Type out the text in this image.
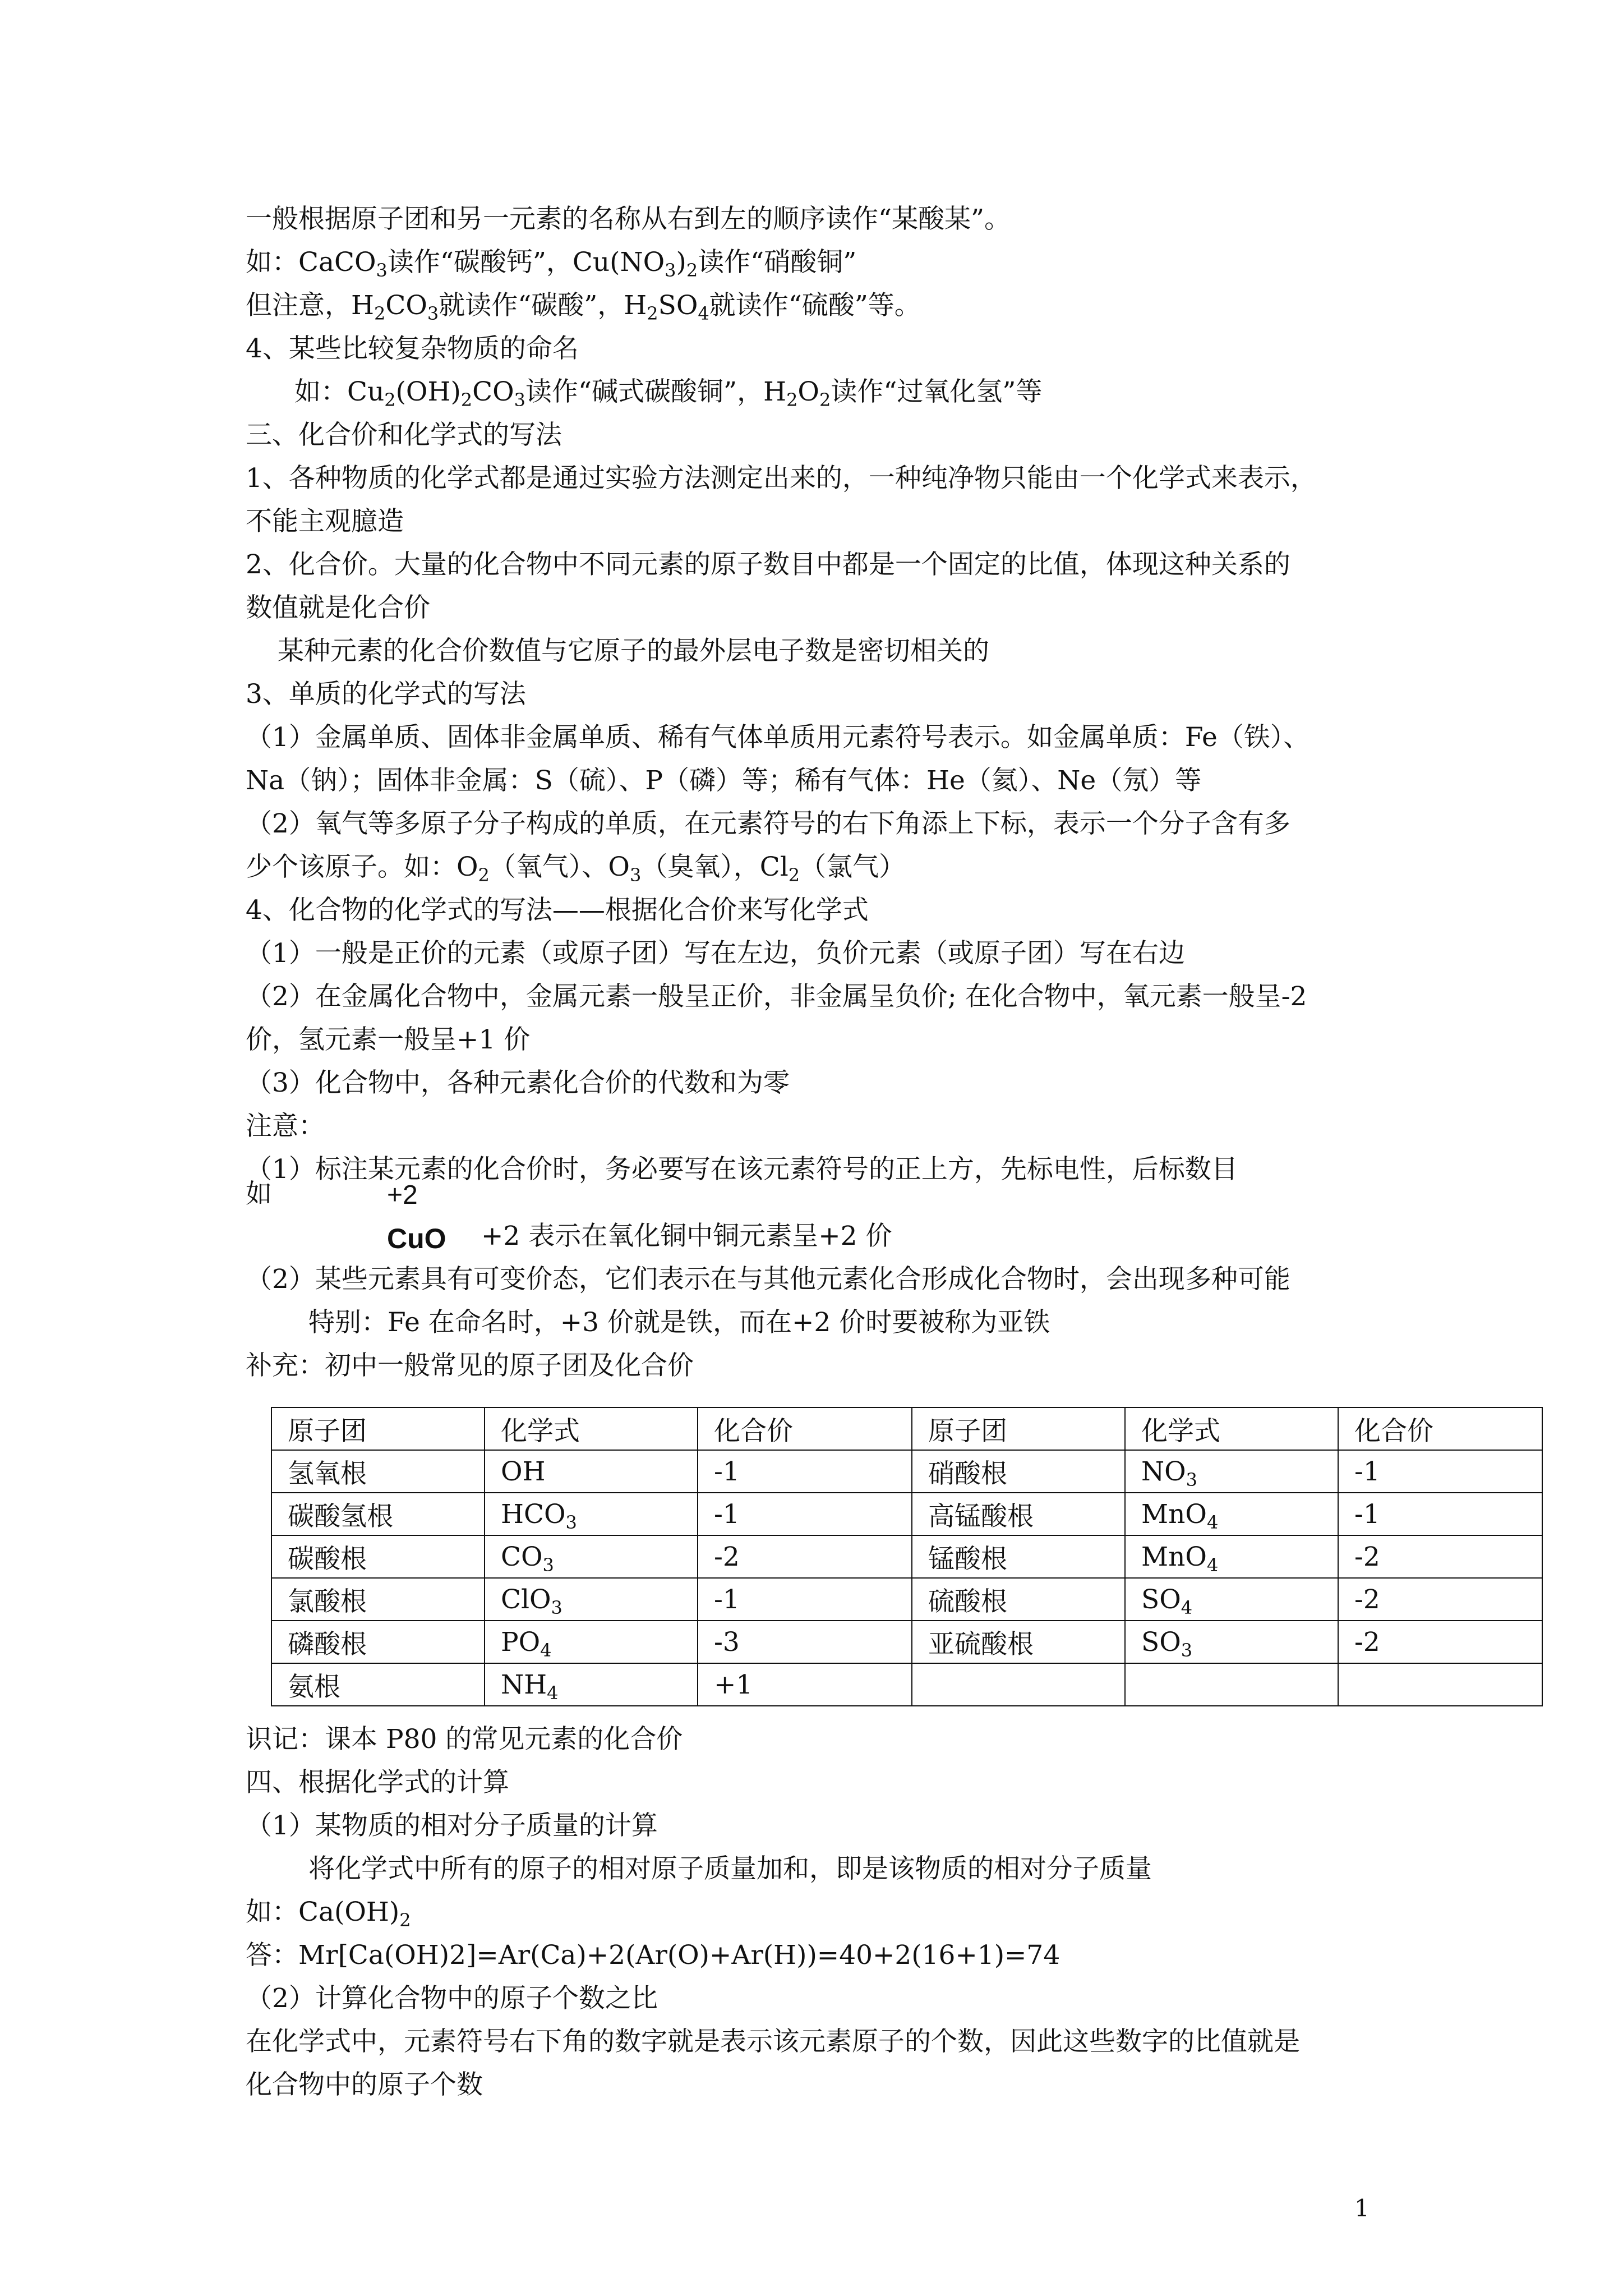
一般根据原子团和另一元素的名称从右到左的顺序读作“某酸某”。
如：CaCO$_3$读作“碳酸钙”，$Cu(NO_3)_2$读作“硝酸铜”
但注意，$H_2CO_3$就读作“碳酸”，$H_2SO_4$就读作“硫酸”等。
4、某些比较复杂物质的命名
如：$Cu_2(OH)_2CO_3$读作“碱式碳酸铜”，$H_2O_2$读作“过氧化氢”等
三、化合价和化学式的写法
1、各种物质的化学式都是通过实验方法测定出来的，一种纯净物只能由一个化学式来表示，
不能主观臆造
2、化合价。大量的化合物中不同元素的原子数目中都是一个固定的比值，体现这种关系的
数值就是化合价
某种元素的化合价数值与它原子的最外层电子数是密切相关的
3、单质的化学式的写法
（1）金属单质、固体非金属单质、稀有气体单质用元素符号表示。如金属单质：Fe（铁）、
Na（钠）；固体非金属：S（硫）、P（磷）等；稀有气体：He（氦）、Ne（氖）等
（2）氧气等多原子分子构成的单质，在元素符号的右下角添上下标，表示一个分子含有多
少个该原子。如：$O_2$（氧气）、$O_3$（臭氧），$Cl_2$（氯气）
4、化合物的化学式的写法——根据化合价来写化学式
（1）一般是正价的元素（或原子团）写在左边，负价元素（或原子团）写在右边
（2）在金属化合物中，金属元素一般呈正价，非金属呈负价; 在化合物中，氧元素一般呈-2
价，氢元素一般呈+1 价
（3）化合物中，各种元素化合价的代数和为零
注意：
（1）标注某元素的化合价时，务必要写在该元素符号的正上方，先标电性，后标数目
如	+2
CuO +2 表示在氧化铜中铜元素呈+2 价
（2）某些元素具有可变价态，它们表示在与其他元素化合形成化合物时，会出现多种可能
特别：Fe 在命名时，+3 价就是铁，而在+2 价时要被称为亚铁
补充：初中一般常见的原子团及化合价
原子团	化学式	化合价	原子团	化学式	化合价
氢氧根	OH	-1	硝酸根	$NO_3$	-1
碳酸氢根	$HCO_3$	-1	高锰酸根	MnO$_4$	-1
碳酸根	$CO_3$	-2	锰酸根	MnO$_4$	-2
氯酸根	ClO$_3$	-1	硫酸根	$SO_4$	-2
磷酸根	$PO_4$	-3	亚硫酸根	$SO_3$	-2
氨根	$NH_4$	+1			
识记：课本 P80 的常见元素的化合价
四、根据化学式的计算
（1）某物质的相对分子质量的计算
将化学式中所有的原子的相对原子质量加和，即是该物质的相对分子质量
如：$Ca(OH)_2$
答：Mr[Ca(OH)2]=Ar(Ca)+2(Ar(O)+Ar(H))=40+2(16+1)=74
（2）计算化合物中的原子个数之比
在化学式中，元素符号右下角的数字就是表示该元素原子的个数，因此这些数字的比值就是
化合物中的原子个数
1
